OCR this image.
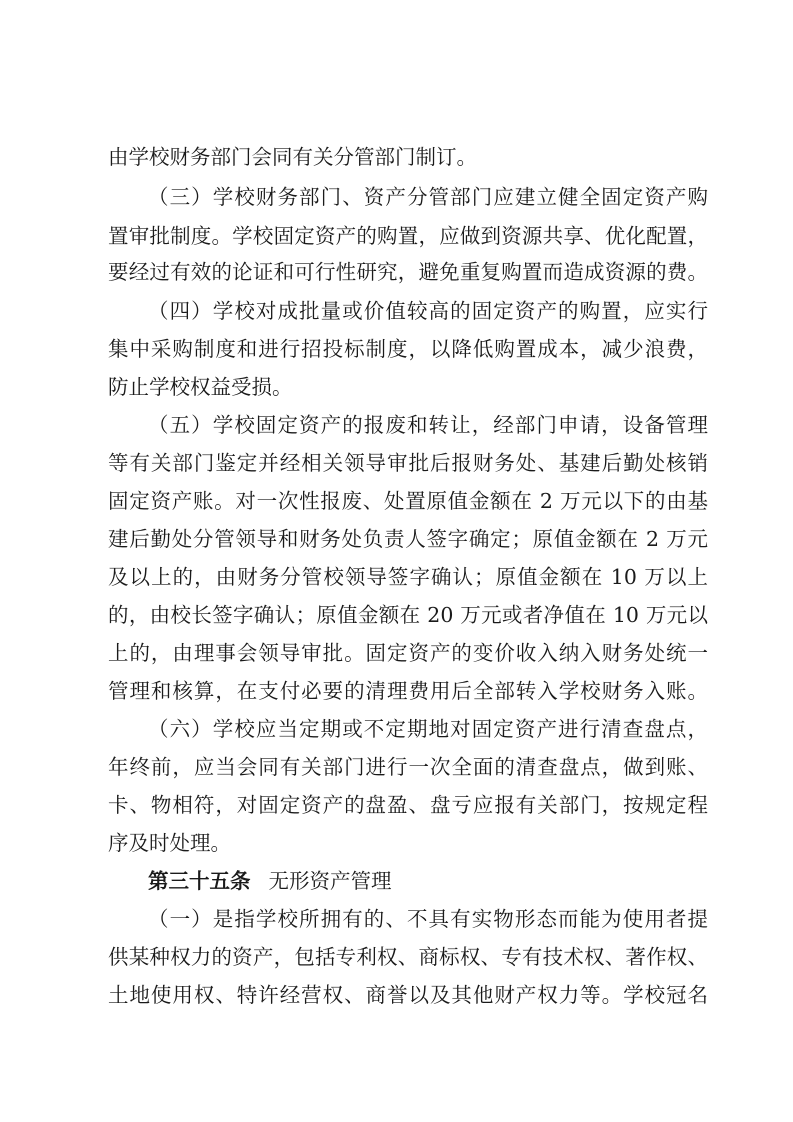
由学校财务部门会同有关分管部门制订。
（三）学校财务部门、资产分管部门应建立健全固定资产购
置审批制度。学校固定资产的购置，应做到资源共享、优化配置，
要经过有效的论证和可行性研究，避免重复购置而造成资源的费。
（四）学校对成批量或价值较高的固定资产的购置，应实行
集中采购制度和进行招投标制度，以降低购置成本，减少浪费，
防止学校权益受损。
（五）学校固定资产的报废和转让，经部门申请，设备管理
等有关部门鉴定并经相关领导审批后报财务处、基建后勤处核销
固定资产账。对一次性报废、处置原值金额在 2 万元以下的由基
建后勤处分管领导和财务处负责人签字确定；原值金额在 2 万元
及以上的，由财务分管校领导签字确认；原值金额在 10 万以上
的，由校长签字确认；原值金额在 20 万元或者净值在 10 万元以
上的，由理事会领导审批。固定资产的变价收入纳入财务处统一
管理和核算，在支付必要的清理费用后全部转入学校财务入账。
（六）学校应当定期或不定期地对固定资产进行清查盘点，
年终前，应当会同有关部门进行一次全面的清查盘点，做到账、
卡、物相符，对固定资产的盘盈、盘亏应报有关部门，按规定程
序及时处理。
第三十五条 无形资产管理
（一）是指学校所拥有的、不具有实物形态而能为使用者提
供某种权力的资产，包括专利权、商标权、专有技术权、著作权、
土地使用权、特许经营权、商誉以及其他财产权力等。学校冠名
